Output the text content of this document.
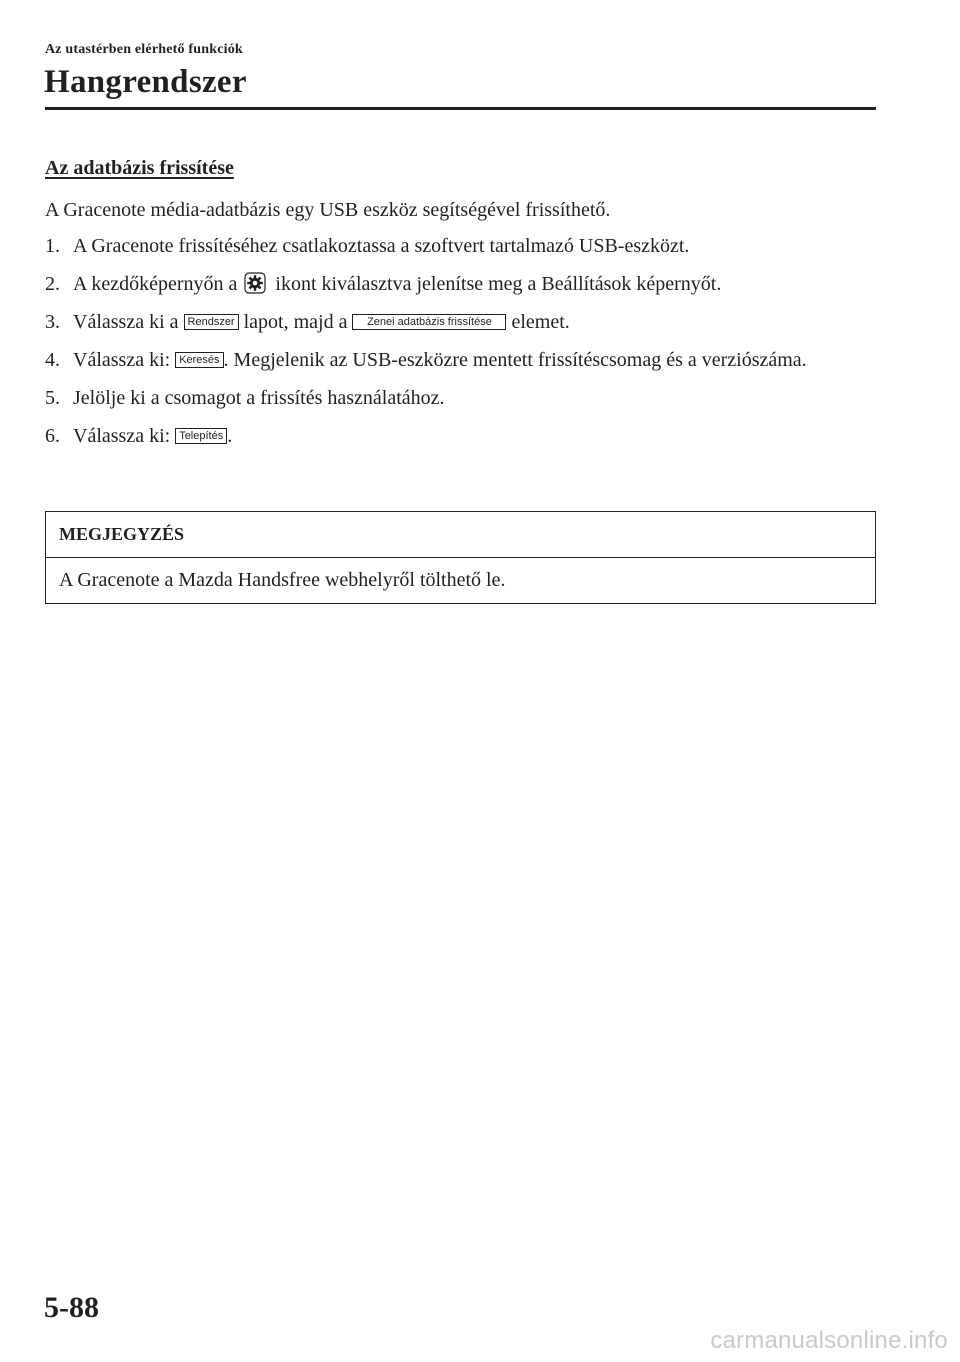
Az utastérben elérhető funkciók
Hangrendszer
Az adatbázis frissítése
A Gracenote média-adatbázis egy USB eszköz segítségével frissíthető.
1. A Gracenote frissítéséhez csatlakoztassa a szoftvert tartalmazó USB-eszközt.
2. A kezdőképernyőn a ikont kiválasztva jelenítse meg a Beállítások képernyőt.
3. Válassza ki a Rendszer lapot, majd a Zenei adatbázis frissítése elemet.
4. Válassza ki: Keresés . Megjelenik az USB-eszközre mentett frissítéscsomag és a verziószáma.
5. Jelölje ki a csomagot a frissítés használatához.
6. Válassza ki: Telepítés .
MEGJEGYZÉS
A Gracenote a Mazda Handsfree webhelyről tölthető le.
5-88
carmanualsonline.info
